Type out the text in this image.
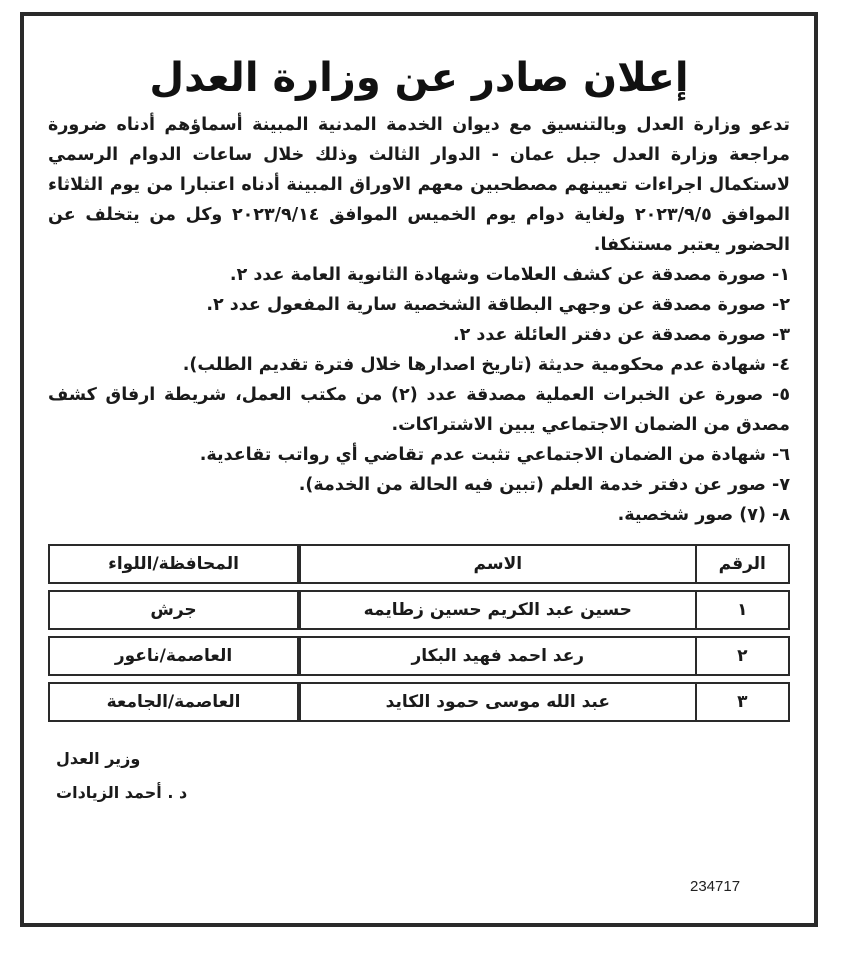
إعلان صادر عن وزارة العدل

تدعو وزارة العدل وبالتنسيق مع ديوان الخدمة المدنية المبينة أسماؤهم أدناه ضرورة مراجعة وزارة العدل جبل عمان - الدوار الثالث وذلك خلال ساعات الدوام الرسمي لاستكمال اجراءات تعيينهم مصطحبين معهم الاوراق المبينة أدناه اعتبارا من يوم الثلاثاء الموافق ٢٠٢٣/٩/٥ ولغاية دوام يوم الخميس الموافق ٢٠٢٣/٩/١٤ وكل من يتخلف عن الحضور يعتبر مستنكفا.

١- صورة مصدقة عن كشف العلامات وشهادة الثانوية العامة عدد ٢.
٢- صورة مصدقة عن وجهي البطاقة الشخصية سارية المفعول عدد ٢.
٣- صورة مصدقة عن دفتر العائلة عدد ٢.
٤- شهادة عدم محكومية حديثة (تاريخ اصدارها خلال فترة تقديم الطلب).
٥- صورة عن الخبرات العملية مصدقة عدد (٢) من مكتب العمل، شريطة ارفاق كشف مصدق من الضمان الاجتماعي يبين الاشتراكات.
٦- شهادة من الضمان الاجتماعي تثبت عدم تقاضي أي رواتب تقاعدية.
٧- صور عن دفتر خدمة العلم (تبين فيه الحالة من الخدمة).
٨- (٧) صور شخصية.
الرقم	الاسم	المحافظة/اللواء
١	حسين عبد الكريم حسين زطايمه	جرش
٢	رعد احمد فهيد البكار	العاصمة/ناعور
٣	عبد الله موسى حمود الكايد	العاصمة/الجامعة
وزير العدل
د . أحمد الزيادات
234717
